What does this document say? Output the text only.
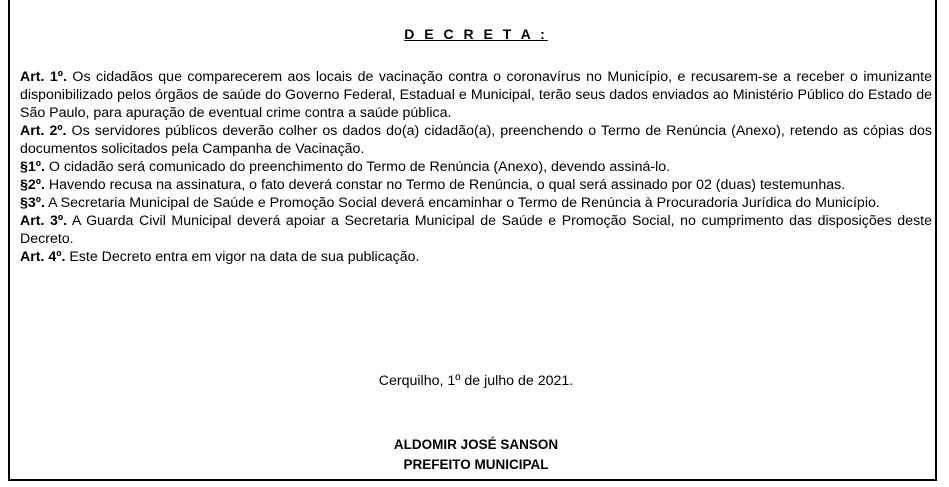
D E C R E T A :

Art. 1º. Os cidadãos que comparecerem aos locais de vacinação contra o coronavírus no Município, e recusarem-se a receber o imunizante disponibilizado pelos órgãos de saúde do Governo Federal, Estadual e Municipal, terão seus dados enviados ao Ministério Público do Estado de São Paulo, para apuração de eventual crime contra a saúde pública.

Art. 2º. Os servidores públicos deverão colher os dados do(a) cidadão(a), preenchendo o Termo de Renúncia (Anexo), retendo as cópias dos documentos solicitados pela Campanha de Vacinação.

§1º. O cidadão será comunicado do preenchimento do Termo de Renúncia (Anexo), devendo assiná-lo.

§2º. Havendo recusa na assinatura, o fato deverá constar no Termo de Renúncia, o qual será assinado por 02 (duas) testemunhas.

§3º. A Secretaria Municipal de Saúde e Promoção Social deverá encaminhar o Termo de Renúncia à Procuradoria Jurídica do Município.

Art. 3º. A Guarda Civil Municipal deverá apoiar a Secretaria Municipal de Saúde e Promoção Social, no cumprimento das disposições deste Decreto.

Art. 4º. Este Decreto entra em vigor na data de sua publicação.

Cerquilho, 1º de julho de 2021.
ALDOMIR JOSÉ SANSON
PREFEITO MUNICIPAL
